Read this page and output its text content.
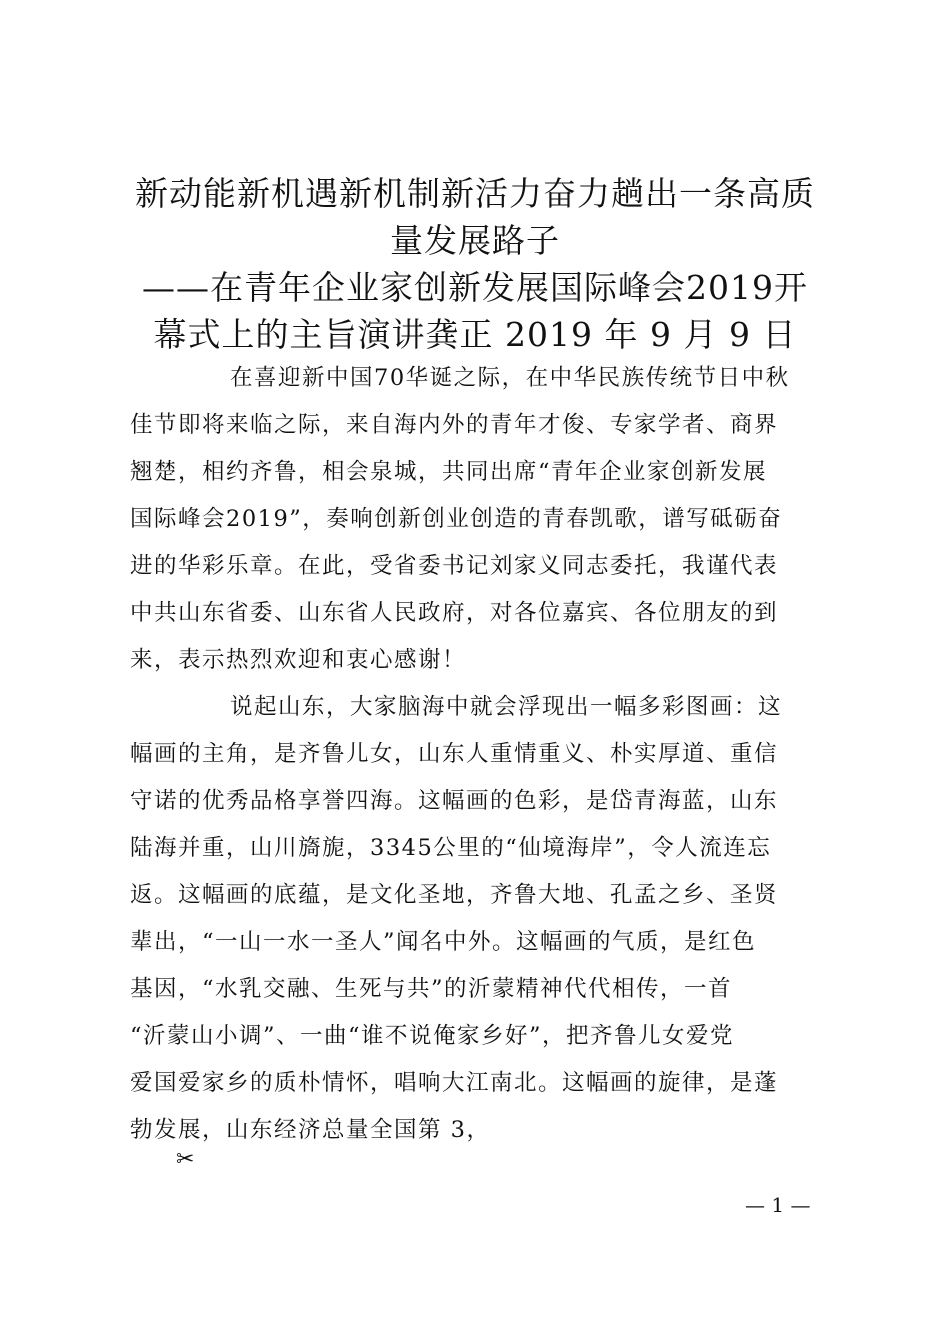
新动能新机遇新机制新活力奋力趟出一条高质
量发展路子
——在青年企业家创新发展国际峰会2019开
幕式上的主旨演讲龚正 2019 年 9 月 9 日
在喜迎新中国70华诞之际，在中华民族传统节日中秋
佳节即将来临之际，来自海内外的青年才俊、专家学者、商界
翘楚，相约齐鲁，相会泉城，共同出席“青年企业家创新发展
国际峰会2019”，奏响创新创业创造的青春凯歌，谱写砥砺奋
进的华彩乐章。在此，受省委书记刘家义同志委托，我谨代表
中共山东省委、山东省人民政府，对各位嘉宾、各位朋友的到
来，表示热烈欢迎和衷心感谢！
说起山东，大家脑海中就会浮现出一幅多彩图画：这
幅画的主角，是齐鲁儿女，山东人重情重义、朴实厚道、重信
守诺的优秀品格享誉四海。这幅画的色彩，是岱青海蓝，山东
陆海并重，山川旖旎，3345公里的“仙境海岸”，令人流连忘
返。这幅画的底蕴，是文化圣地，齐鲁大地、孔孟之乡、圣贤
辈出，“一山一水一圣人”闻名中外。这幅画的气质，是红色
基因，“水乳交融、生死与共”的沂蒙精神代代相传，一首
“沂蒙山小调”、一曲“谁不说俺家乡好”，把齐鲁儿女爱党
爱国爱家乡的质朴情怀，唱响大江南北。这幅画的旋律，是蓬
勃发展，山东经济总量全国第 3，
✂
— 1 —
